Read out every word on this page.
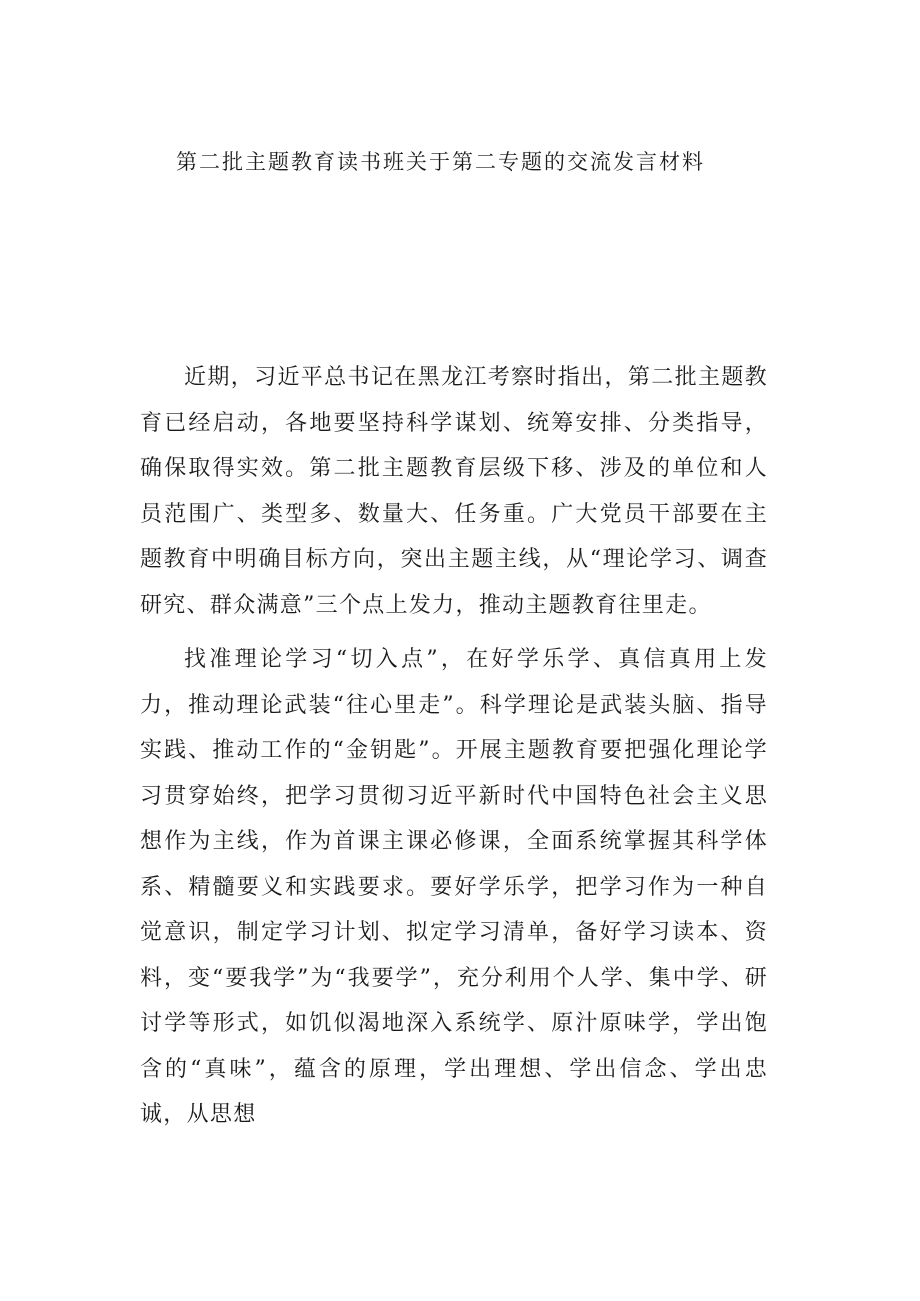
第二批主题教育读书班关于第二专题的交流发言材料

近期，习近平总书记在黑龙江考察时指出，第二批主题教育已经启动，各地要坚持科学谋划、统筹安排、分类指导，确保取得实效。第二批主题教育层级下移、涉及的单位和人员范围广、类型多、数量大、任务重。广大党员干部要在主题教育中明确目标方向，突出主题主线，从“理论学习、调查研究、群众满意”三个点上发力，推动主题教育往里走。

找准理论学习“切入点”，在好学乐学、真信真用上发力，推动理论武装“往心里走”。科学理论是武装头脑、指导实践、推动工作的“金钥匙”。开展主题教育要把强化理论学习贯穿始终，把学习贯彻习近平新时代中国特色社会主义思想作为主线，作为首课主课必修课，全面系统掌握其科学体系、精髓要义和实践要求。要好学乐学，把学习作为一种自觉意识，制定学习计划、拟定学习清单，备好学习读本、资料，变“要我学”为“我要学”，充分利用个人学、集中学、研讨学等形式，如饥似渴地深入系统学、原汁原味学，学出饱含的“真味”，蕴含的原理，学出理想、学出信念、学出忠诚，从思想
